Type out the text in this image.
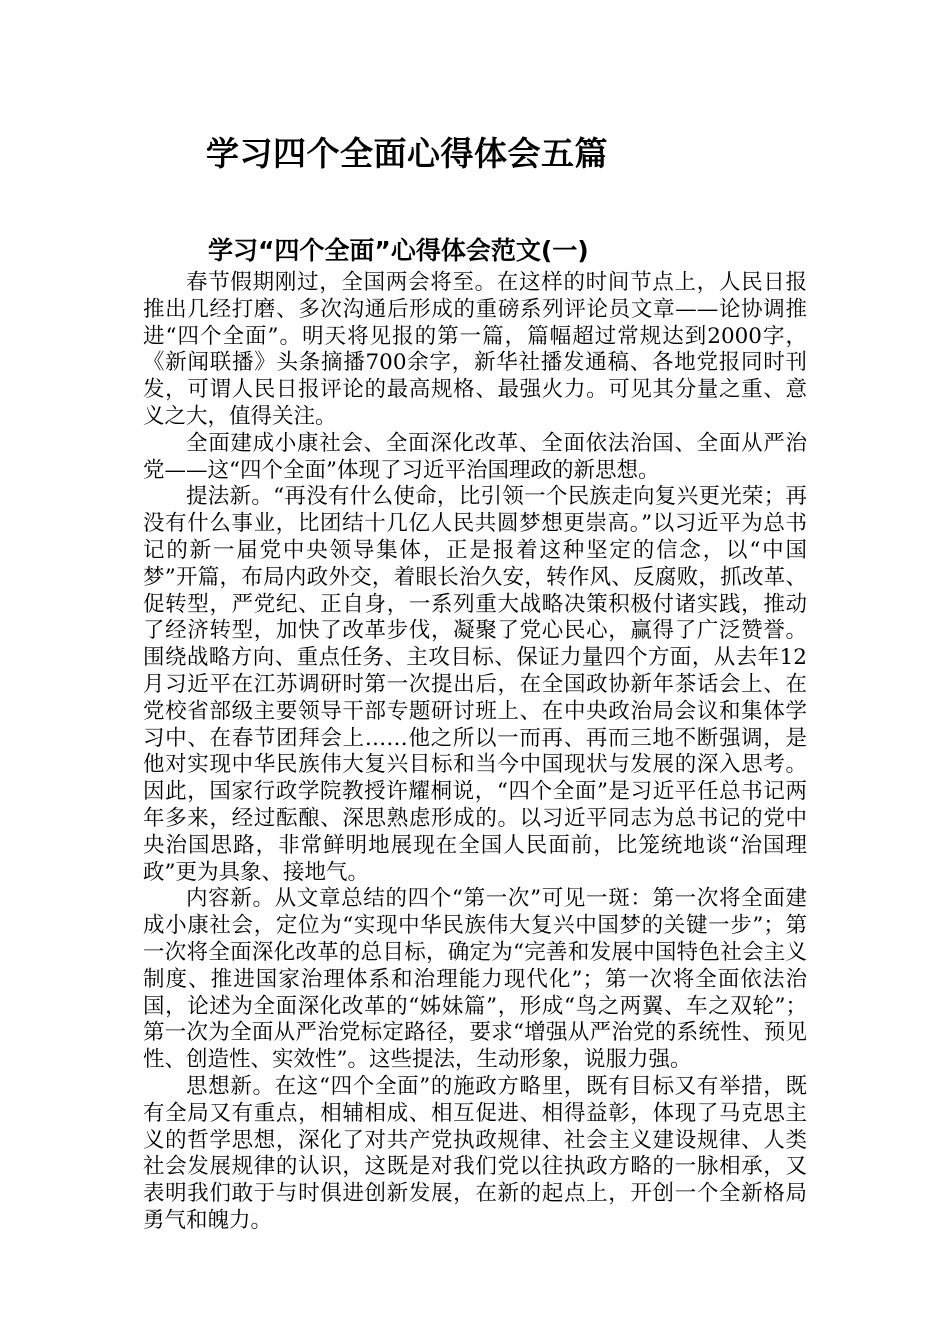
学习四个全面心得体会五篇
学习“四个全面”心得体会范文(一)

春节假期刚过，全国两会将至。在这样的时间节点上，人民日报推出几经打磨、多次沟通后形成的重磅系列评论员文章——论协调推进“四个全面”。明天将见报的第一篇，篇幅超过常规达到2000字，《新闻联播》头条摘播700余字，新华社播发通稿、各地党报同时刊发，可谓人民日报评论的最高规格、最强火力。可见其分量之重、意义之大，值得关注。

全面建成小康社会、全面深化改革、全面依法治国、全面从严治党——这“四个全面”体现了习近平治国理政的新思想。

提法新。“再没有什么使命，比引领一个民族走向复兴更光荣；再没有什么事业，比团结十几亿人民共圆梦想更崇高。”以习近平为总书记的新一届党中央领导集体，正是报着这种坚定的信念，以“中国梦”开篇，布局内政外交，着眼长治久安，转作风、反腐败，抓改革、促转型，严党纪、正自身，一系列重大战略决策积极付诸实践，推动了经济转型，加快了改革步伐，凝聚了党心民心，赢得了广泛赞誉。围绕战略方向、重点任务、主攻目标、保证力量四个方面，从去年12月习近平在江苏调研时第一次提出后，在全国政协新年茶话会上、在党校省部级主要领导干部专题研讨班上、在中央政治局会议和集体学习中、在春节团拜会上……他之所以一而再、再而三地不断强调，是他对实现中华民族伟大复兴目标和当今中国现状与发展的深入思考。因此，国家行政学院教授许耀桐说，“四个全面”是习近平任总书记两年多来，经过酝酿、深思熟虑形成的。以习近平同志为总书记的党中央治国思路，非常鲜明地展现在全国人民面前，比笼统地谈“治国理政”更为具象、接地气。

内容新。从文章总结的四个“第一次”可见一斑：第一次将全面建成小康社会，定位为“实现中华民族伟大复兴中国梦的关键一步”；第一次将全面深化改革的总目标，确定为“完善和发展中国特色社会主义制度、推进国家治理体系和治理能力现代化”；第一次将全面依法治国，论述为全面深化改革的“姊妹篇”，形成“鸟之两翼、车之双轮”；第一次为全面从严治党标定路径，要求“增强从严治党的系统性、预见性、创造性、实效性”。这些提法，生动形象，说服力强。

思想新。在这“四个全面”的施政方略里，既有目标又有举措，既有全局又有重点，相辅相成、相互促进、相得益彰，体现了马克思主义的哲学思想，深化了对共产党执政规律、社会主义建设规律、人类社会发展规律的认识，这既是对我们党以往执政方略的一脉相承，又表明我们敢于与时俱进创新发展，在新的起点上，开创一个全新格局勇气和魄力。
